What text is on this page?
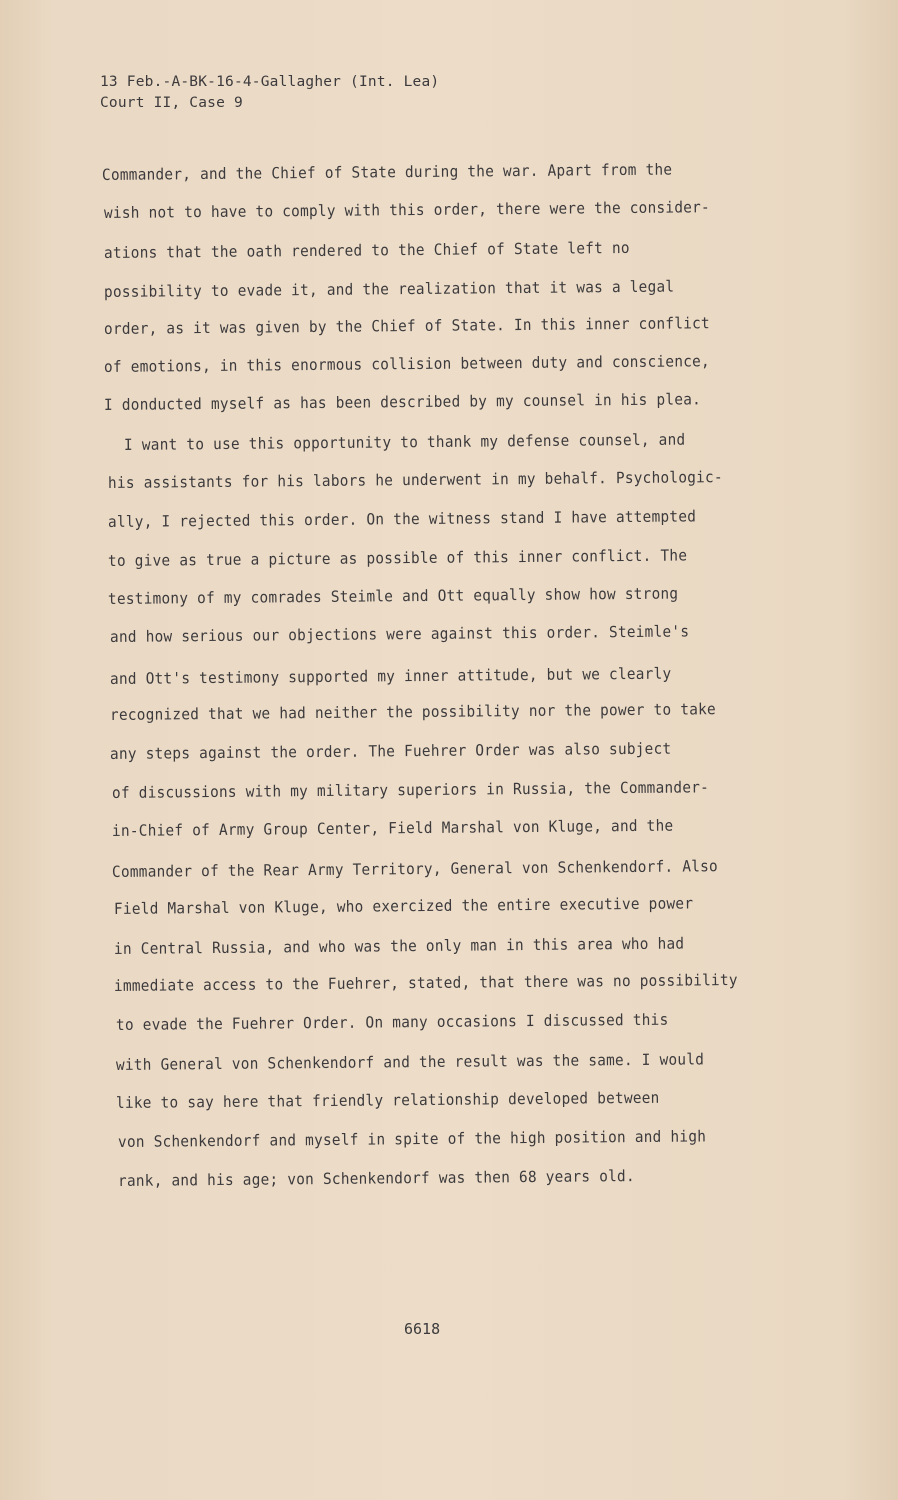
13 Feb.-A-BK-16-4-Gallagher (Int. Lea)
Court II, Case 9
Commander, and the Chief of State during the war. Apart from the
wish not to have to comply with this order, there were the consider-
ations that the oath rendered to the Chief of State left no
possibility to evade it, and the realization that it was a legal
order, as it was given by the Chief of State. In this inner conflict
of emotions, in this enormous collision between duty and conscience,
I donducted myself as has been described by my counsel in his plea.
I want to use this opportunity to thank my defense counsel, and
his assistants for his labors he underwent in my behalf. Psychologic-
ally, I rejected this order. On the witness stand I have attempted
to give as true a picture as possible of this inner conflict. The
testimony of my comrades Steimle and Ott equally show how strong
and how serious our objections were against this order. Steimle's
and Ott's testimony supported my inner attitude, but we clearly
recognized that we had neither the possibility nor the power to take
any steps against the order. The Fuehrer Order was also subject
of discussions with my military superiors in Russia, the Commander-
in-Chief of Army Group Center, Field Marshal von Kluge, and the
Commander of the Rear Army Territory, General von Schenkendorf. Also
Field Marshal von Kluge, who exercized the entire executive power
in Central Russia, and who was the only man in this area who had
immediate access to the Fuehrer, stated, that there was no possibility
to evade the Fuehrer Order. On many occasions I discussed this
with General von Schenkendorf and the result was the same. I would
like to say here that friendly relationship developed between
von Schenkendorf and myself in spite of the high position and high
rank, and his age; von Schenkendorf was then 68 years old.
6618
